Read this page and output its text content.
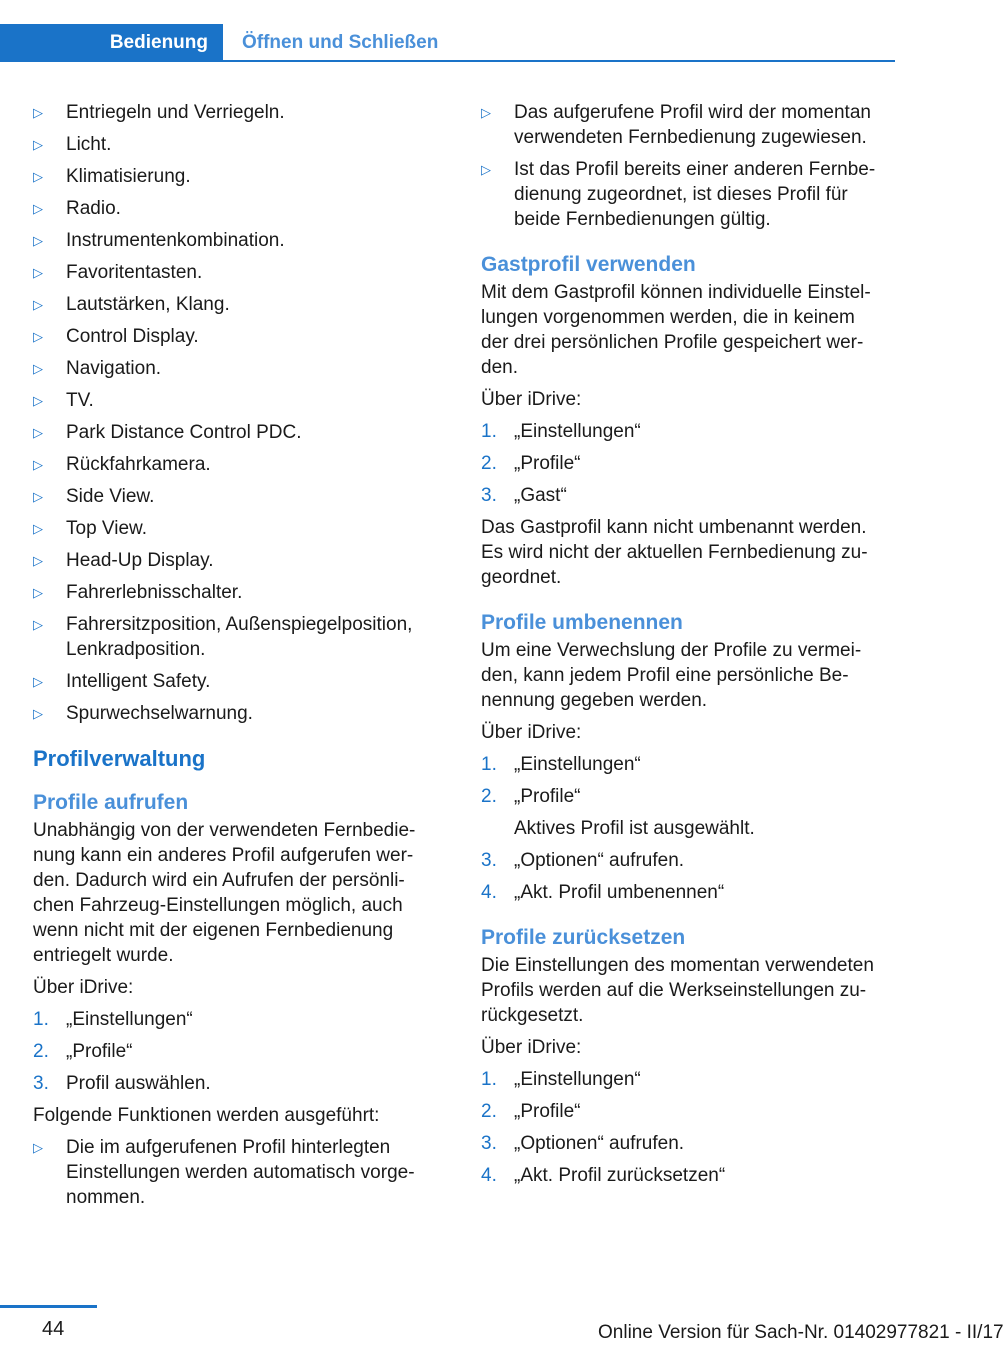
Bedienung	Öffnen und Schließen
▷ Entriegeln und Verriegeln.
▷ Licht.
▷ Klimatisierung.
▷ Radio.
▷ Instrumentenkombination.
▷ Favoritentasten.
▷ Lautstärken, Klang.
▷ Control Display.
▷ Navigation.
▷ TV.
▷ Park Distance Control PDC.
▷ Rückfahrkamera.
▷ Side View.
▷ Top View.
▷ Head-Up Display.
▷ Fahrerlebnisschalter.
▷ Fahrersitzposition, Außenspiegelposition, Lenkradposition.
▷ Intelligent Safety.
▷ Spurwechselwarnung.
Profilverwaltung
Profile aufrufen
Unabhängig von der verwendeten Fernbedie-nung kann ein anderes Profil aufgerufen wer-den. Dadurch wird ein Aufrufen der persönli-chen Fahrzeug-Einstellungen möglich, auch wenn nicht mit der eigenen Fernbedienung entriegelt wurde.
Über iDrive:
1. „Einstellungen“
2. „Profile“
3. Profil auswählen.
Folgende Funktionen werden ausgeführt:
▷ Die im aufgerufenen Profil hinterlegten Einstellungen werden automatisch vorge-nommen.
▷ Das aufgerufene Profil wird der momentan verwendeten Fernbedienung zugewiesen.
▷ Ist das Profil bereits einer anderen Fernbe-dienung zugeordnet, ist dieses Profil für beide Fernbedienungen gültig.
Gastprofil verwenden
Mit dem Gastprofil können individuelle Einstel-lungen vorgenommen werden, die in keinem der drei persönlichen Profile gespeichert wer-den.
Über iDrive:
1. „Einstellungen“
2. „Profile“
3. „Gast“
Das Gastprofil kann nicht umbenannt werden. Es wird nicht der aktuellen Fernbedienung zu-geordnet.
Profile umbenennen
Um eine Verwechslung der Profile zu vermei-den, kann jedem Profil eine persönliche Be-nennung gegeben werden.
Über iDrive:
1. „Einstellungen“
2. „Profile“
Aktives Profil ist ausgewählt.
3. „Optionen“ aufrufen.
4. „Akt. Profil umbenennen“
Profile zurücksetzen
Die Einstellungen des momentan verwendeten Profils werden auf die Werkseinstellungen zu-rückgesetzt.
Über iDrive:
1. „Einstellungen“
2. „Profile“
3. „Optionen“ aufrufen.
4. „Akt. Profil zurücksetzen“
44	Online Version für Sach-Nr. 01402977821 - II/17
